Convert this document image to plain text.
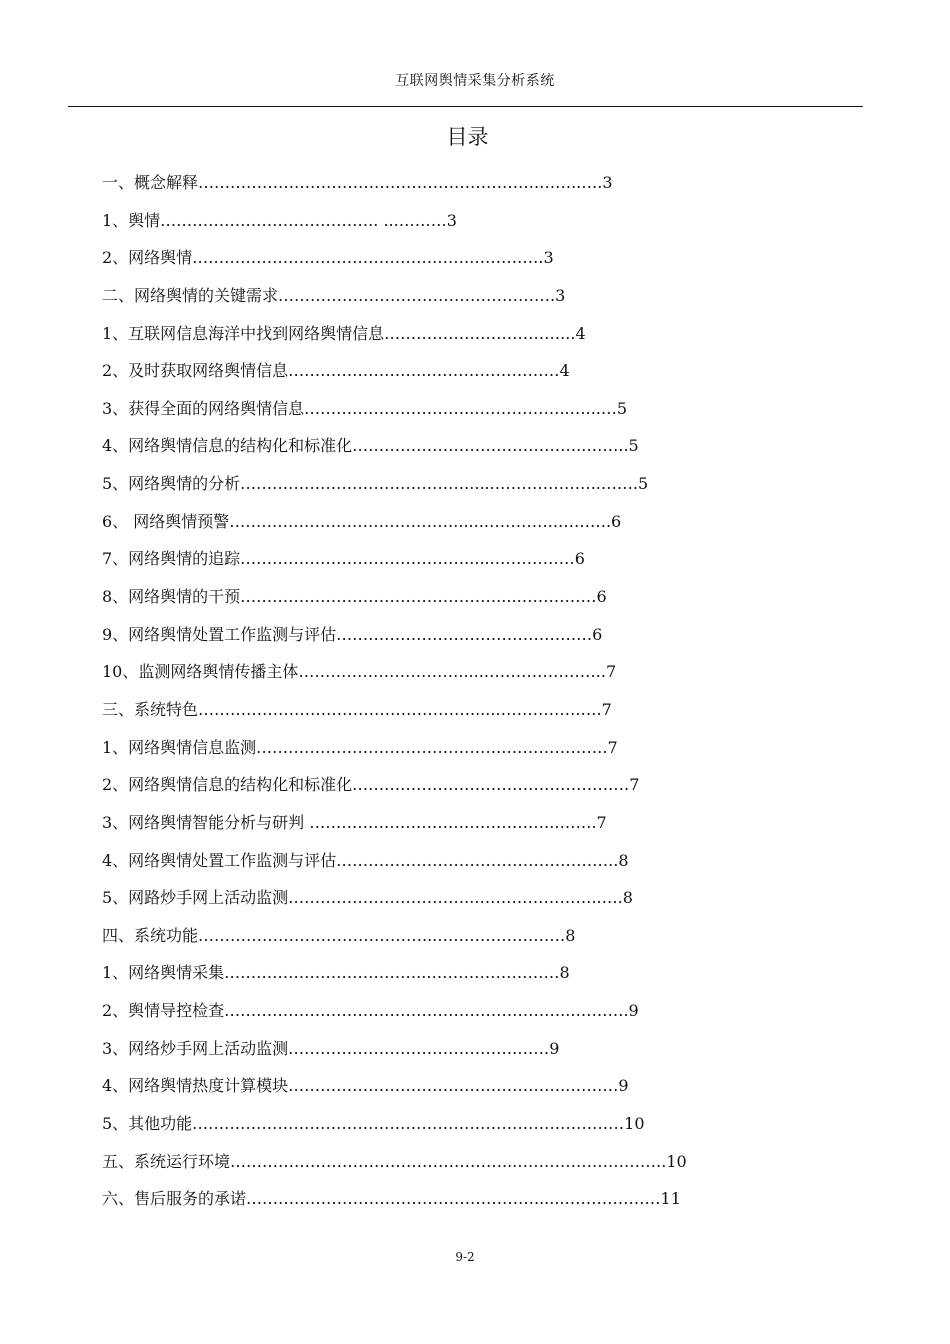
互联网舆情采集分析系统
目录
一、概念解释……………………………………………………….……..….3
1、舆情………………………………….. ...………3
2、网络舆情……………………………………….…….………….3
二、网络舆情的关键需求…………………………………………….3
1、互联网信息海洋中找到网络舆情信息……………………………...4
2、及时获取网络舆情信息……………………...……………………4
3、获得全面的网络舆情信息…………………………...……………..…...…5
4、网络舆情信息的结构化和标准化……………………………………..……..5
5、网络舆情的分析……………………………………......………………..…….5
6、 网络舆情预警……………………………………......…………..……….6
7、网络舆情的追踪……………………………………......……………6
8、网络舆情的干预…………………………………………....……………6
9、网络舆情处置工作监测与评估…………………………………………6
10、监测网络舆情传播主体………………………….....…………………..7
三、系统特色…………………………………………….....…………….….7
1、网络舆情信息监测………………………………………..……………….7
2、网络舆情信息的结构化和标准化………………………………………….…7
3、网络舆情智能分析与研判 ………………………………………..…….7
4、网络舆情处置工作监测与评估……………………………………………..8
5、网路炒手网上活动监测……………………………...…………………..….8
四、系统功能……………………………………...……………………8
1、网络舆情采集………………………………...……………………8
2、舆情导控检查………………………………………………………...……….9
3、网络炒手网上活动监测…………………………………….……9
4、网络舆情热度计算模块……………………………………………..………9
5、其他功能………………………………………………………………………10
五、系统运行环境……………………………………………...……………………….10
六、售后服务的承诺………………………………………………......………………11
9-2
